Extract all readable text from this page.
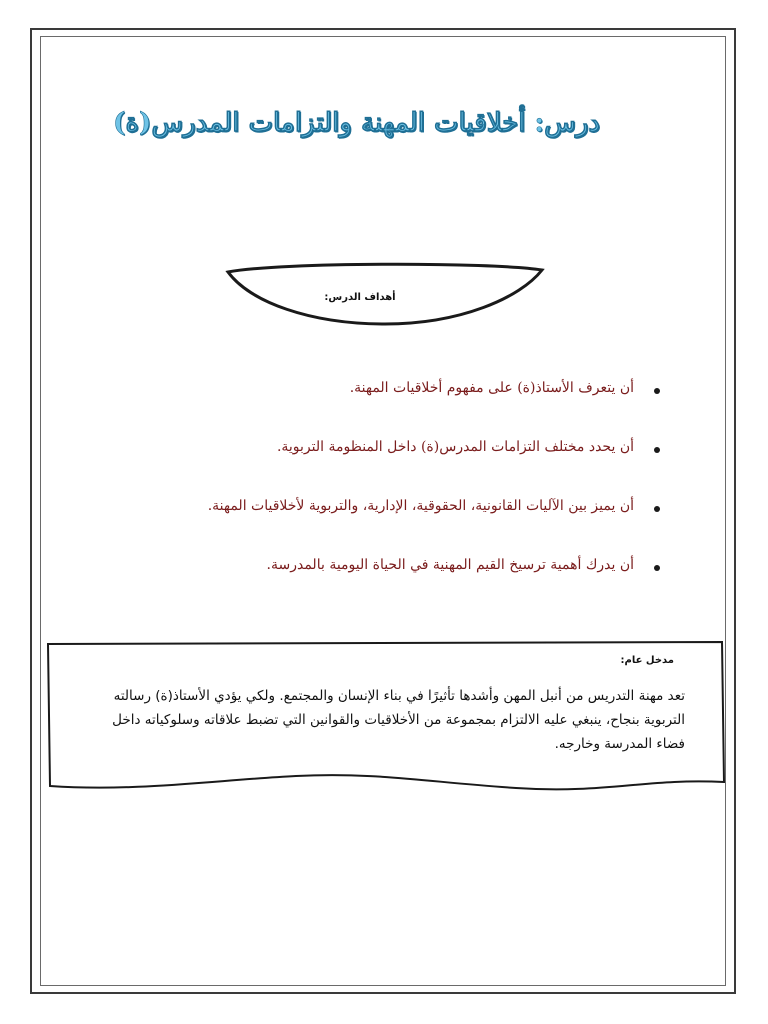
درس: أخلاقيات المهنة والتزامات المدرس(ة)
أهداف الدرس:
أن يتعرف الأستاذ(ة) على مفهوم أخلاقيات المهنة.
أن يحدد مختلف التزامات المدرس(ة) داخل المنظومة التربوية.
أن يميز بين الآليات القانونية، الحقوقية، الإدارية، والتربوية لأخلاقيات المهنة.
أن يدرك أهمية ترسيخ القيم المهنية في الحياة اليومية بالمدرسة.
مدخل عام:
تعد مهنة التدريس من أنبل المهن وأشدها تأثيرًا في بناء الإنسان والمجتمع. ولكي يؤدي الأستاذ(ة) رسالته التربوية بنجاح، ينبغي عليه الالتزام بمجموعة من الأخلاقيات والقوانين التي تضبط علاقاته وسلوكياته داخل فضاء المدرسة وخارجه.
